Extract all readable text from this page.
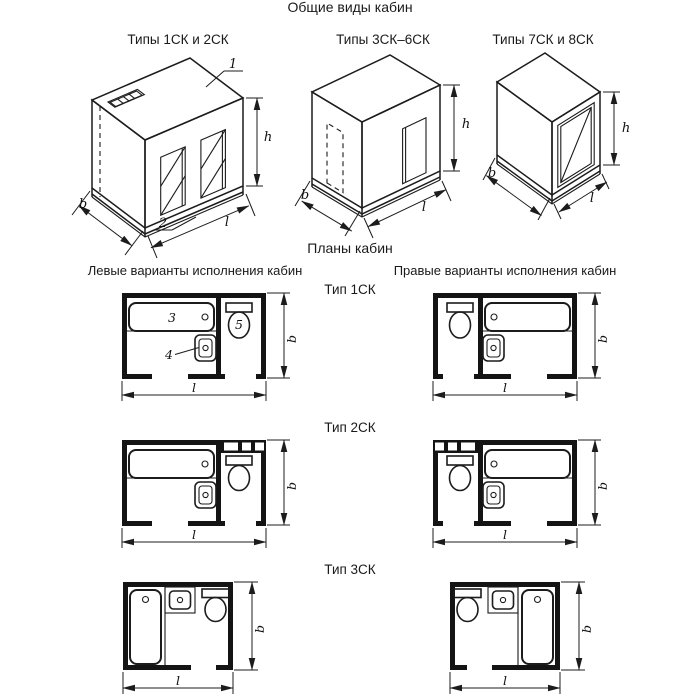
Общие виды кабин
Типы 1СК и 2СК	Типы 3СК–6СК	Типы 7СК и 8СК
1
2
h
b
l
h
b
l
h
b
l
Планы кабин
Левые варианты исполнения кабин	Правые варианты исполнения кабин
Тип 1СК
Тип 2СК
Тип 3СК
3
4
5
b
l
b
l
b
l
b
l
b
l
b
l
